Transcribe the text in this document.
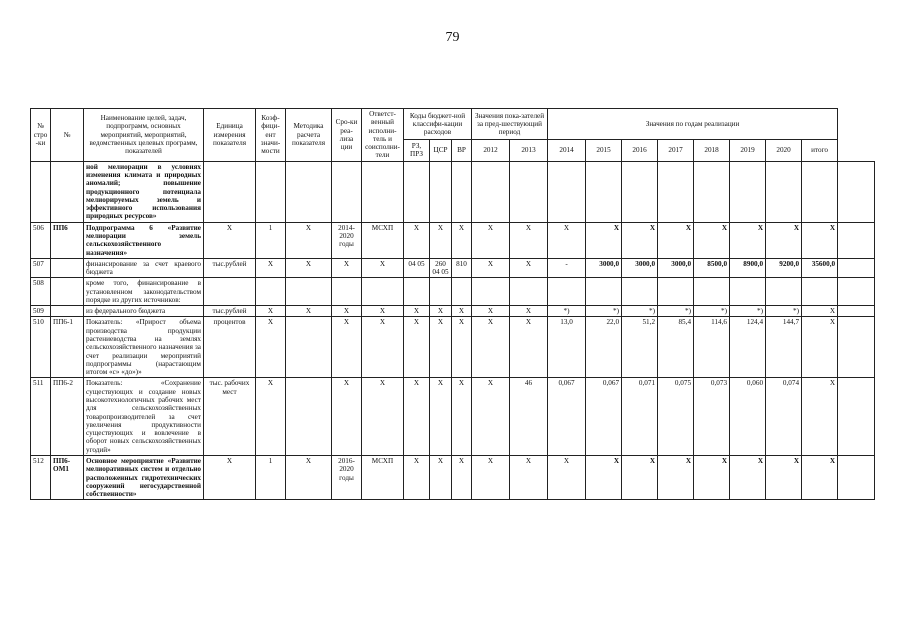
79
№ стро-ки	№	Наименование целей, задач, подпрограмм, основных мероприятий, мероприятий, ведомственных целевых программ, показателей	Единица измерения показателя	Коэф-фици-ент значи-мости	Методика расчета показателя	Сро-ки реа-лиза ции	Ответст-венный исполни-тель и соисполни-тели	Коды бюджет-ной классифи-кации расходов			Значения пока-зателей за пред-шествующий период		Значения по годам реализации								
								РЗ, ПРЗ	ЦСР	ВР	2012	2013	2014	2015	2016	2017	2018	2019	2020	итого	
		ной мелиорации в условиях изменения климата и природных аномалий; повышение продукционного потенциала мелиорируемых земель и эффективного использования природных ресурсов»																			
506	ПП6	Подпрограмма 6 «Развитие мелиорации земель сельскохозяйственного назначения»	Х	1	Х	2014-2020 годы	МСХП	Х	Х	Х	Х	Х	Х	Х	Х	Х	Х	Х	Х	Х	
507		финансирование за счет краевого бюджета	тыс.рублей	Х	Х	Х	Х	04 05	260 04 05	810	Х	Х	-	3000,0	3000,0	3000,0	8500,0	8900,0	9200,0	35600,0	
508		кроме того, финансирование в установленном законодательством порядке из других источников:																			
509		из федерального бюджета	тыс.рублей	Х	Х	Х	Х	Х	Х	Х	Х	Х	*)	*)	*)	*)	*)	*)	*)	Х	
510	ПП6-1	Показатель: «Прирост объема производства продукции растениеводства на землях сельскохозяйственного назначения за счет реализации мероприятий подпрограммы (нарастающим итогом «с» «до»)»	процентов	Х		Х	Х	Х	Х	Х	Х	Х	13,0	22,0	51,2	85,4	114,6	124,4	144,7	Х	
511	ПП6-2	Показатель: «Сохранение существующих и создание новых высокотехнологичных рабочих мест для сельскохозяйственных товаропроизводителей за счет увеличения продуктивности существующих и вовлечение в оборот новых сельскохозяйственных угодий»	тыс. рабочих мест	Х		Х	Х	Х	Х	Х	Х	46	0,067	0,067	0,071	0,075	0,073	0,060	0,074	Х	
512	ПП6-ОМ1	Основное мероприятие «Развитие мелиоративных систем и отдельно расположенных гидротехнических сооружений негосударственной собственности»	Х	1	Х	2016-2020 годы	МСХП	Х	Х	Х	Х	Х	Х	Х	Х	Х	Х	Х	Х	Х	
